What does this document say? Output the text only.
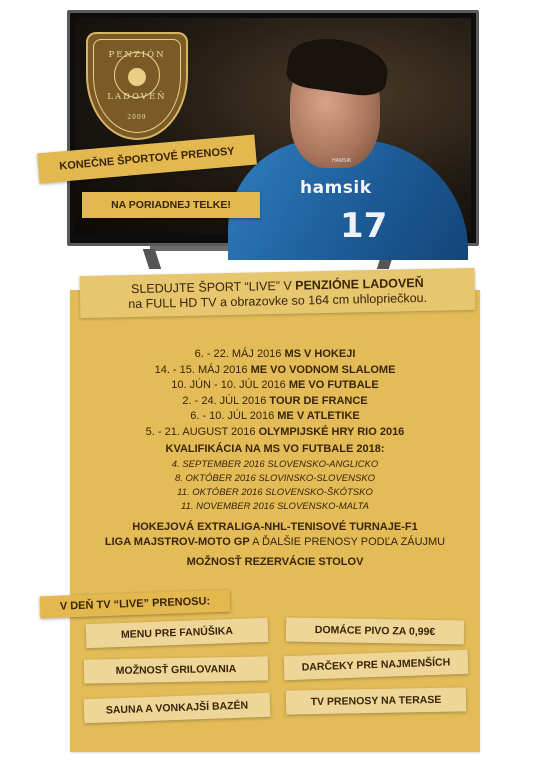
HAMSIK
hamsik
17
PENZIÓN
LADOVEŇ
2009
KONEČNE ŠPORTOVÉ PRENOSY
NA PORIADNEJ TELKE!
SLEDUJTE ŠPORT “LIVE” V PENZIÓNE LADOVEŇ
na FULL HD TV a obrazovke so 164 cm uhlopriečkou.
6. - 22. MÁJ 2016 MS V HOKEJI
14. - 15. MÁJ 2016 ME VO VODNOM SLALOME
10. JÚN - 10. JÚL 2016 ME VO FUTBALE
2. - 24. JÚL 2016 TOUR DE FRANCE
6. - 10. JÚL 2016 ME V ATLETIKE
5. - 21. AUGUST 2016 OLYMPIJSKÉ HRY RIO 2016
KVALIFIKÁCIA NA MS VO FUTBALE 2018:
4. SEPTEMBER 2016 SLOVENSKO-ANGLICKO
8. OKTÓBER 2016 SLOVINSKO-SLOVENSKO
11. OKTÓBER 2016 SLOVENSKO-ŠKÓTSKO
11. NOVEMBER 2016 SLOVENSKO-MALTA
HOKEJOVÁ EXTRALIGA-NHL-TENISOVÉ TURNAJE-F1
LIGA MAJSTROV-MOTO GP A ĎALŠIE PRENOSY PODĽA ZÁUJMU
MOŽNOSŤ REZERVÁCIE STOLOV
V DEŇ TV “LIVE” PRENOSU:
MENU PRE FANÚŠIKA	DOMÁCE PIVO ZA 0,99€
MOŽNOSŤ GRILOVANIA	DARČEKY PRE NAJMENŠÍCH
SAUNA A VONKAJŠÍ BAZÉN	TV PRENOSY NA TERASE
